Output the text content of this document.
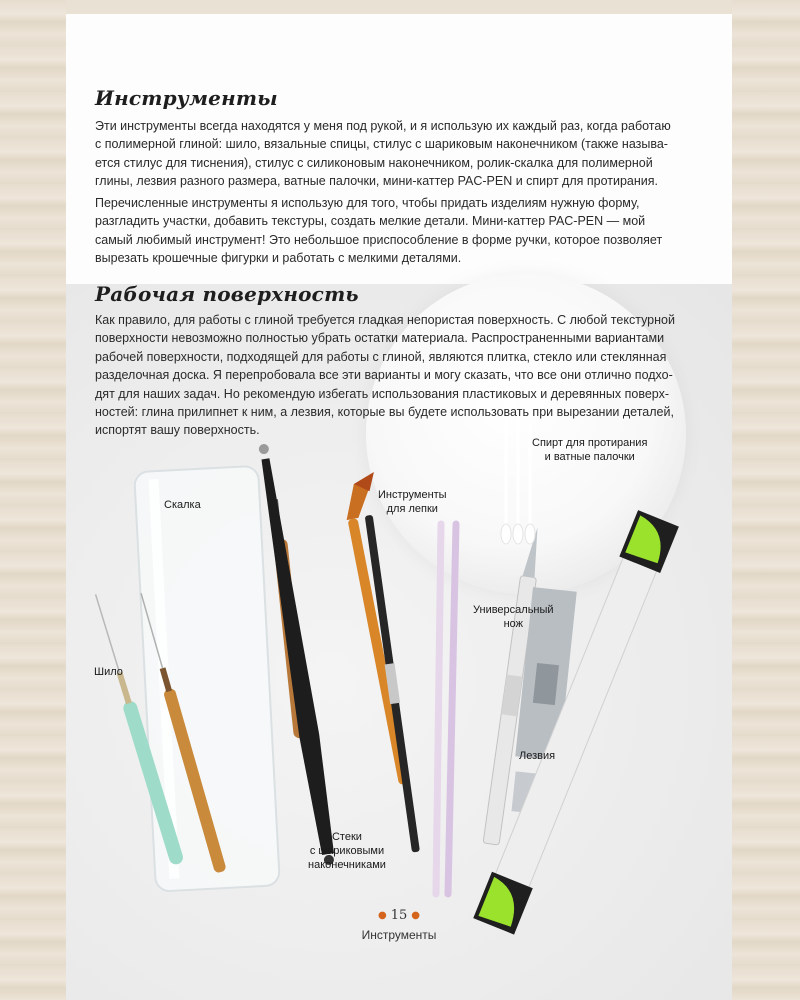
Инструменты

Эти инструменты всегда находятся у меня под рукой, и я использую их каждый раз, когда работаю
с полимерной глиной: шило, вязальные спицы, стилус с шариковым наконечником (также называ-
ется стилус для тиснения), стилус с силиконовым наконечником, ролик-скалка для полимерной
глины, лезвия разного размера, ватные палочки, мини-каттер PAC-PEN и спирт для протирания.

Перечисленные инструменты я использую для того, чтобы придать изделиям нужную форму,
разгладить участки, добавить текстуры, создать мелкие детали. Мини-каттер PAC-PEN — мой
самый любимый инструмент! Это небольшое приспособление в форме ручки, которое позволяет
вырезать крошечные фигурки и работать с мелкими деталями.

Рабочая поверхность

Как правило, для работы с глиной требуется гладкая непористая поверхность. С любой текстурной
поверхности невозможно полностью убрать остатки материала. Распространенными вариантами
рабочей поверхности, подходящей для работы с глиной, являются плитка, стекло или стеклянная
разделочная доска. Я перепробовала все эти варианты и могу сказать, что все они отлично подхо-
дят для наших задач. Но рекомендую избегать использования пластиковых и деревянных поверх-
ностей: глина прилипнет к ним, а лезвия, которые вы будете использовать при вырезании деталей,
испортят вашу поверхность.

Скалка
Шило
Инструменты
для лепки
Спирт для протирания
и ватные палочки
Универсальный
нож
Лезвия
Стеки
с шариковыми
наконечниками
● 15 ●
Инструменты
